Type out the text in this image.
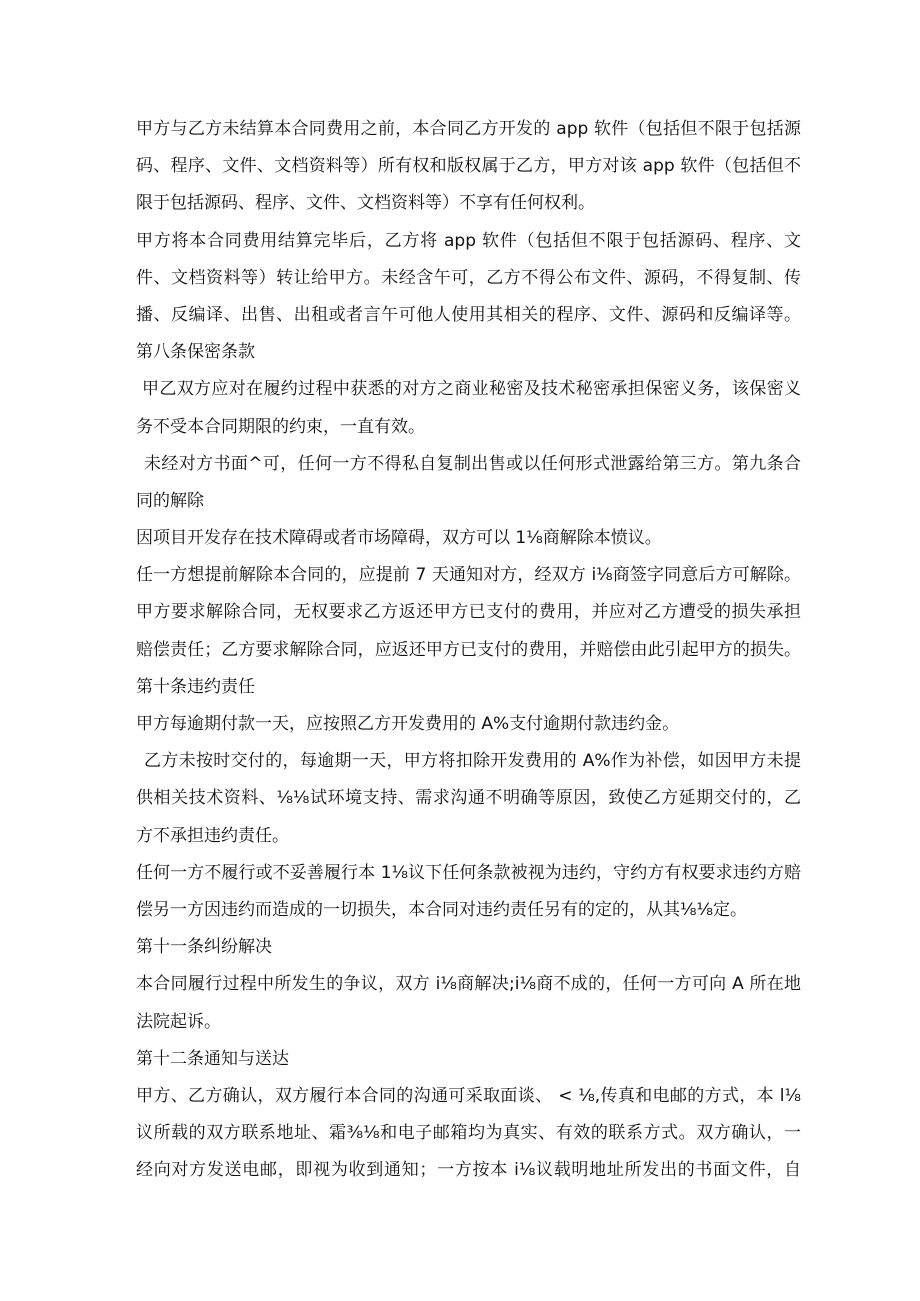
甲方与乙方未结算本合同费用之前，本合同乙方开发的 app 软件（包括但不限于包括源
码、程序、文件、文档资料等）所有权和版权属于乙方，甲方对该 app 软件（包括但不
限于包括源码、程序、文件、文档资料等）不享有任何权利。
甲方将本合同费用结算完毕后，乙方将 app 软件（包括但不限于包括源码、程序、文
件、文档资料等）转让给甲方。未经含午可，乙方不得公布文件、源码，不得复制、传
播、反编译、出售、出租或者言午可他人使用其相关的程序、文件、源码和反编译等。
第八条保密条款
甲乙双方应对在履约过程中获悉的对方之商业秘密及技术秘密承担保密义务，该保密义
务不受本合同期限的约束，一直有效。
未经对方书面^可，任何一方不得私自复制出售或以任何形式泄露给第三方。第九条合
同的解除
因项目开发存在技术障碍或者市场障碍，双方可以 1⅛商解除本愤议。
任一方想提前解除本合同的，应提前 7 天通知对方，经双方 i⅛商签字同意后方可解除。
甲方要求解除合同，无权要求乙方返还甲方已支付的费用，并应对乙方遭受的损失承担
赔偿责任；乙方要求解除合同，应返还甲方已支付的费用，并赔偿由此引起甲方的损失。
第十条违约责任
甲方每逾期付款一天，应按照乙方开发费用的 A%支付逾期付款违约金。
乙方未按时交付的，每逾期一天，甲方将扣除开发费用的 A%作为补偿，如因甲方未提
供相关技术资料、⅛⅛试环境支持、需求沟通不明确等原因，致使乙方延期交付的，乙
方不承担违约责任。
任何一方不履行或不妥善履行本 1⅛议下任何条款被视为违约，守约方有权要求违约方赔
偿另一方因违约而造成的一切损失，本合同对违约责任另有的定的，从其⅛⅛定。
第十一条纠纷解决
本合同履行过程中所发生的争议，双方 i⅛商解决;i⅛商不成的，任何一方可向 A 所在地
法院起诉。
第十二条通知与送达
甲方、乙方确认，双方履行本合同的沟通可采取面谈、 < ⅛,传真和电邮的方式，本 l⅛
议所载的双方联系地址、霜⅜⅛和电子邮箱均为真实、有效的联系方式。双方确认，一
经向对方发送电邮，即视为收到通知；一方按本 i⅛议载明地址所发出的书面文件，自
